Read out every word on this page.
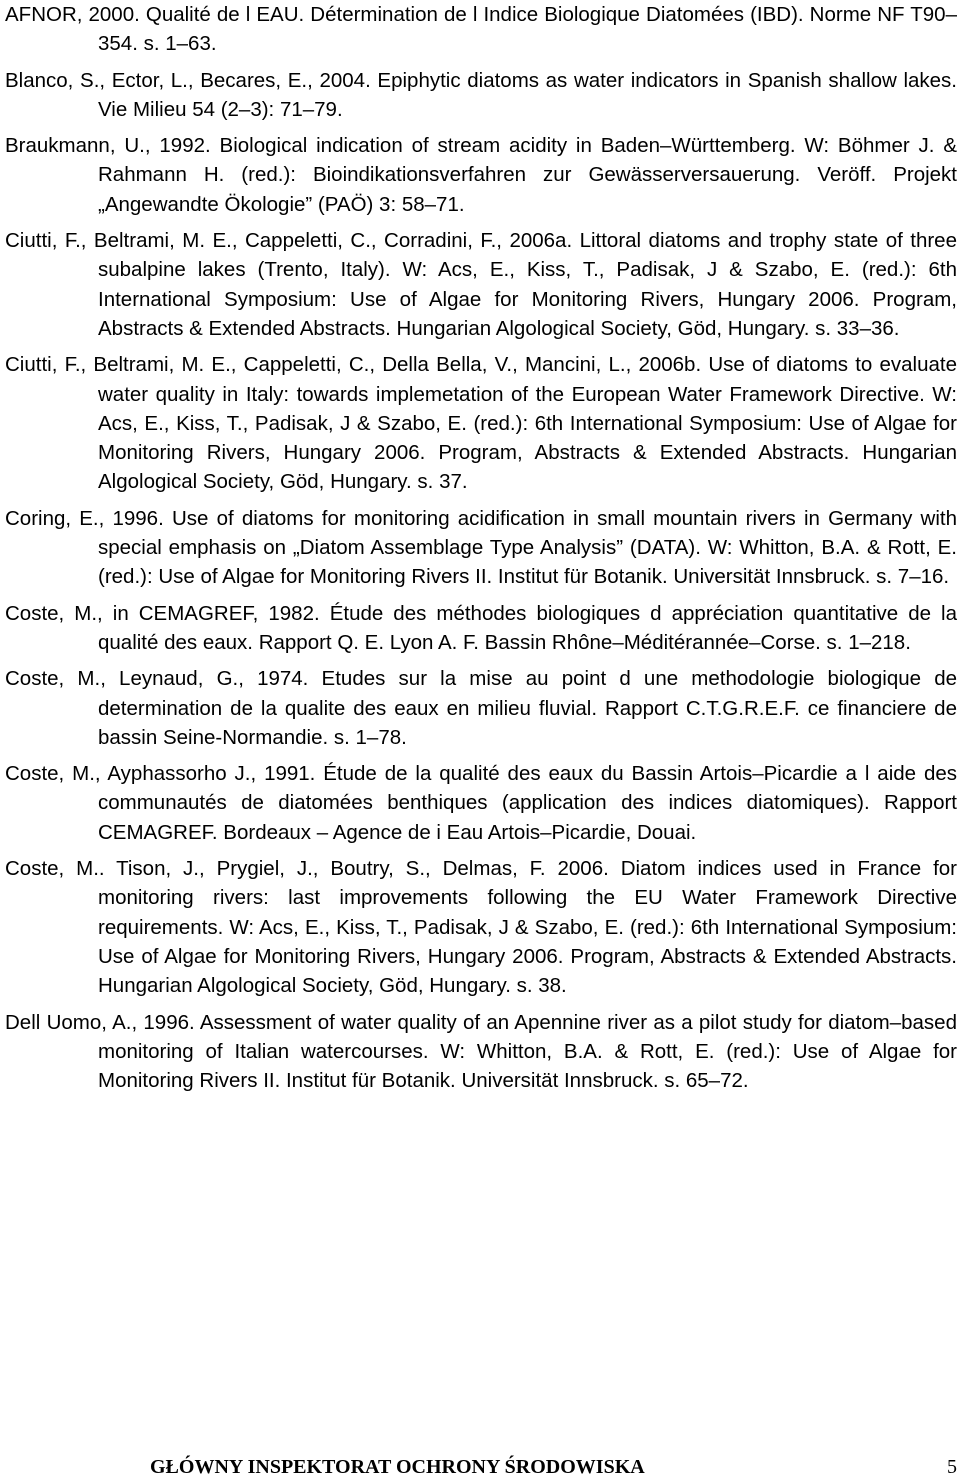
AFNOR, 2000. Qualité de l EAU. Détermination de l Indice Biologique Diatomées (IBD). Norme NF T90–354. s. 1–63.

Blanco, S., Ector, L., Becares, E., 2004. Epiphytic diatoms as water indicators in Spanish shallow lakes. Vie Milieu 54 (2–3): 71–79.

Braukmann, U., 1992. Biological indication of stream acidity in Baden–Württemberg. W: Böhmer J. & Rahmann H. (red.): Bioindikationsverfahren zur Gewässerversauerung. Veröff. Projekt „Angewandte Ökologie” (PAÖ) 3: 58–71.

Ciutti, F., Beltrami, M. E., Cappeletti, C., Corradini, F., 2006a. Littoral diatoms and trophy state of three subalpine lakes (Trento, Italy). W: Acs, E., Kiss, T., Padisak, J & Szabo, E. (red.): 6th International Symposium: Use of Algae for Monitoring Rivers, Hungary 2006. Program, Abstracts & Extended Abstracts. Hungarian Algological Society, Göd, Hungary. s. 33–36.

Ciutti, F., Beltrami, M. E., Cappeletti, C., Della Bella, V., Mancini, L., 2006b. Use of diatoms to evaluate water quality in Italy: towards implemetation of the European Water Framework Directive. W: Acs, E., Kiss, T., Padisak, J & Szabo, E. (red.): 6th International Symposium: Use of Algae for Monitoring Rivers, Hungary 2006. Program, Abstracts & Extended Abstracts. Hungarian Algological Society, Göd, Hungary. s. 37.

Coring, E., 1996. Use of diatoms for monitoring acidification in small mountain rivers in Germany with special emphasis on „Diatom Assemblage Type Analysis” (DATA). W: Whitton, B.A. & Rott, E. (red.): Use of Algae for Monitoring Rivers II. Institut für Botanik. Universität Innsbruck. s. 7–16.

Coste, M., in CEMAGREF, 1982. Étude des méthodes biologiques d appréciation quantitative de la qualité des eaux. Rapport Q. E. Lyon A. F. Bassin Rhône–Méditérannée–Corse. s. 1–218.

Coste, M., Leynaud, G., 1974. Etudes sur la mise au point d une methodologie biologique de determination de la qualite des eaux en milieu fluvial. Rapport C.T.G.R.E.F. ce financiere de bassin Seine-Normandie. s. 1–78.

Coste, M., Ayphassorho J., 1991. Étude de la qualité des eaux du Bassin Artois–Picardie a l aide des communautés de diatomées benthiques (application des indices diatomiques). Rapport CEMAGREF. Bordeaux – Agence de i Eau Artois–Picardie, Douai.

Coste, M.. Tison, J., Prygiel, J., Boutry, S., Delmas, F. 2006. Diatom indices used in France for monitoring rivers: last improvements following the EU Water Framework Directive requirements. W: Acs, E., Kiss, T., Padisak, J & Szabo, E. (red.): 6th International Symposium: Use of Algae for Monitoring Rivers, Hungary 2006. Program, Abstracts & Extended Abstracts. Hungarian Algological Society, Göd, Hungary. s. 38.

Dell Uomo, A., 1996. Assessment of water quality of an Apennine river as a pilot study for diatom–based monitoring of Italian watercourses. W: Whitton, B.A. & Rott, E. (red.): Use of Algae for Monitoring Rivers II. Institut für Botanik. Universität Innsbruck. s. 65–72.

GŁÓWNY INSPEKTORAT OCHRONY ŚRODOWISKA	5
